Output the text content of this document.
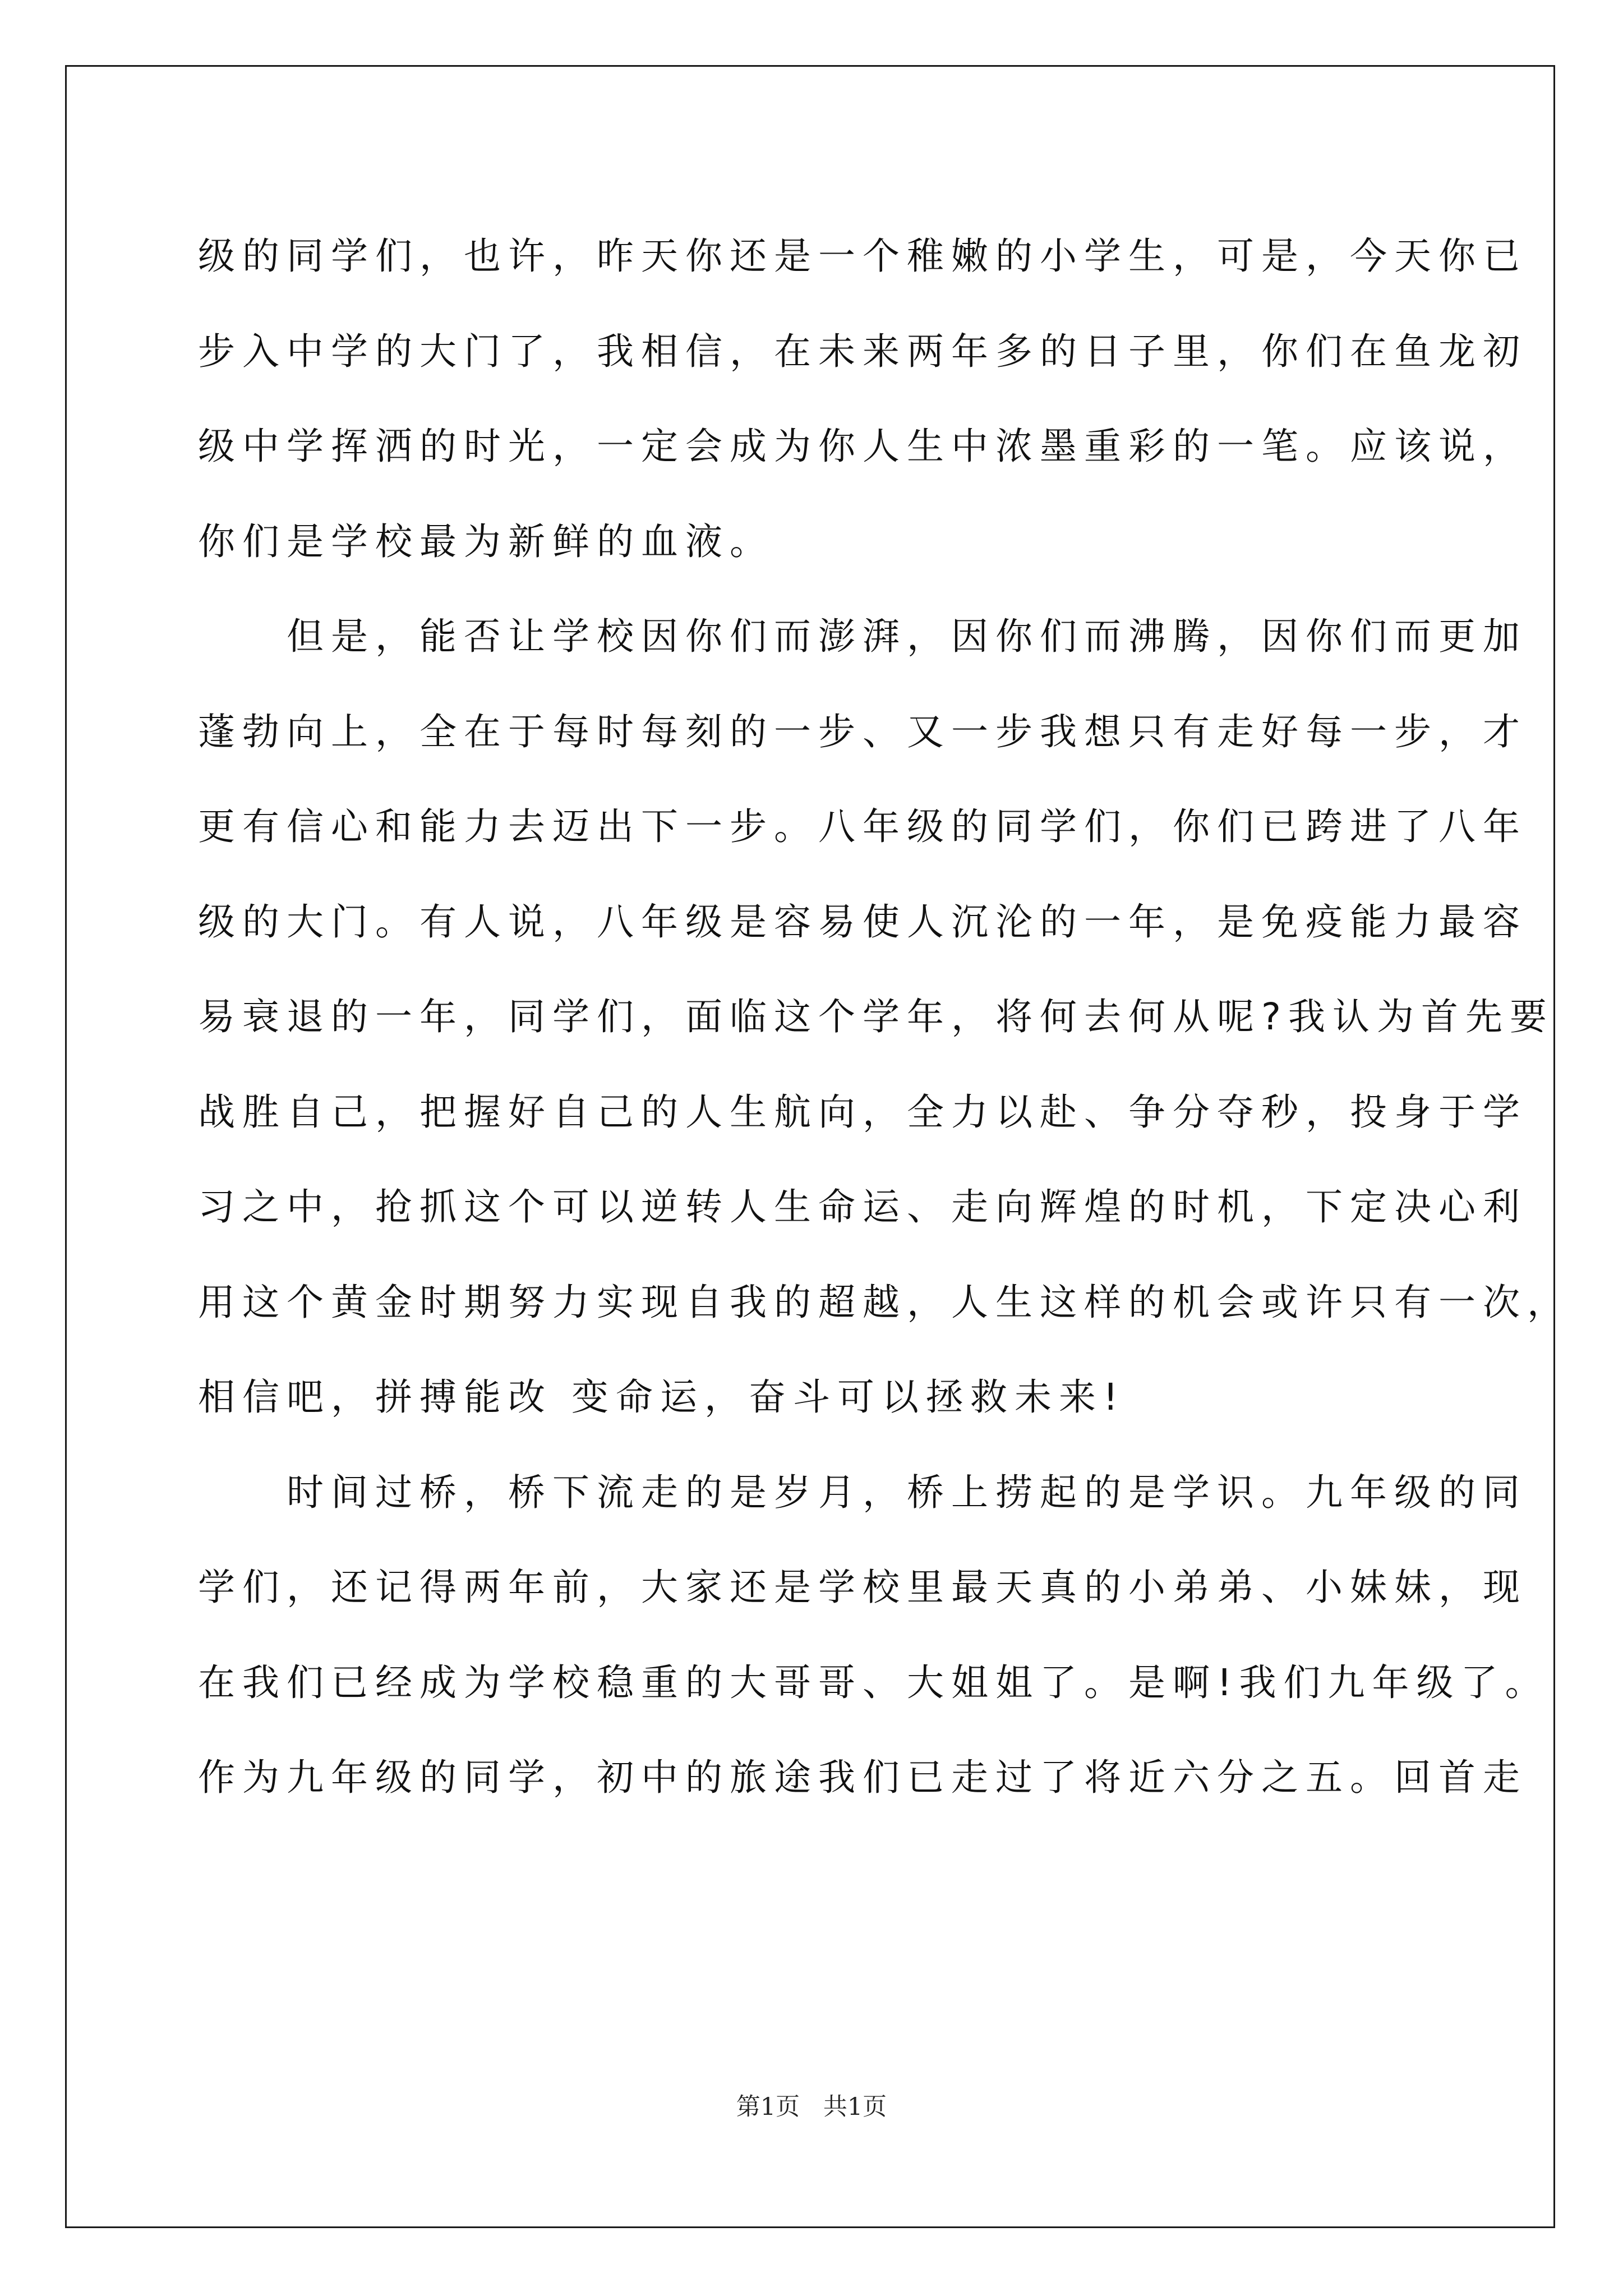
级的同学们，也许，昨天你还是一个稚嫩的小学生，可是，今天你已
步入中学的大门了，我相信，在未来两年多的日子里，你们在鱼龙初
级中学挥洒的时光，一定会成为你人生中浓墨重彩的一笔。应该说，
你们是学校最为新鲜的血液。
　　但是，能否让学校因你们而澎湃，因你们而沸腾，因你们而更加
蓬勃向上，全在于每时每刻的一步、又一步我想只有走好每一步，才
更有信心和能力去迈出下一步。八年级的同学们，你们已跨进了八年
级的大门。有人说，八年级是容易使人沉沦的一年，是免疫能力最容
易衰退的一年，同学们，面临这个学年，将何去何从呢?我认为首先要
战胜自己，把握好自己的人生航向，全力以赴、争分夺秒，投身于学
习之中，抢抓这个可以逆转人生命运、走向辉煌的时机，下定决心利
用这个黄金时期努力实现自我的超越，人生这样的机会或许只有一次，
相信吧，拼搏能改 变命运，奋斗可以拯救未来!
　　时间过桥，桥下流走的是岁月，桥上捞起的是学识。九年级的同
学们，还记得两年前，大家还是学校里最天真的小弟弟、小妹妹，现
在我们已经成为学校稳重的大哥哥、大姐姐了。是啊!我们九年级了。
作为九年级的同学，初中的旅途我们已走过了将近六分之五。回首走
第1页 共1页
